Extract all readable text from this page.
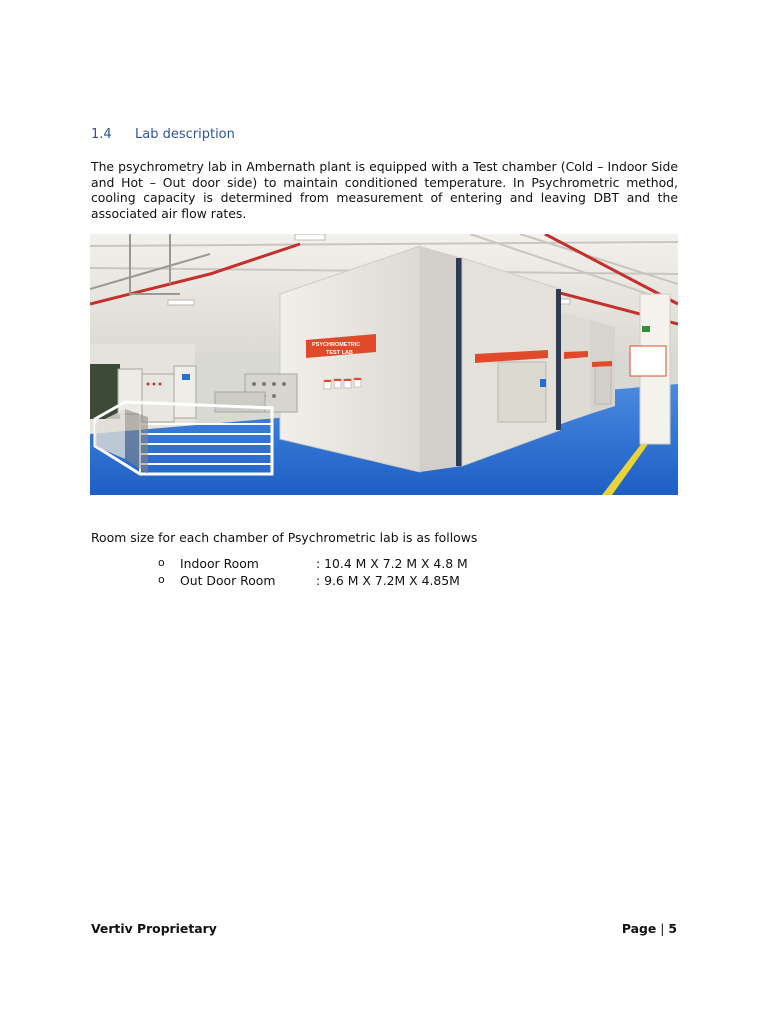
1.4 Lab description
The psychrometry lab in Ambernath plant is equipped with a Test chamber (Cold – Indoor Side and Hot – Out door side) to maintain conditioned temperature. In Psychrometric method, cooling capacity is determined from measurement of entering and leaving DBT and the associated air flow rates.
PSYCHROMETRIC
TEST LAB
Room size for each chamber of Psychrometric lab is as follows
o Indoor Room	: 10.4 M X 7.2 M X 4.8 M
o Out Door Room	: 9.6 M X 7.2M X 4.85M
Vertiv Proprietary	Page | 5
